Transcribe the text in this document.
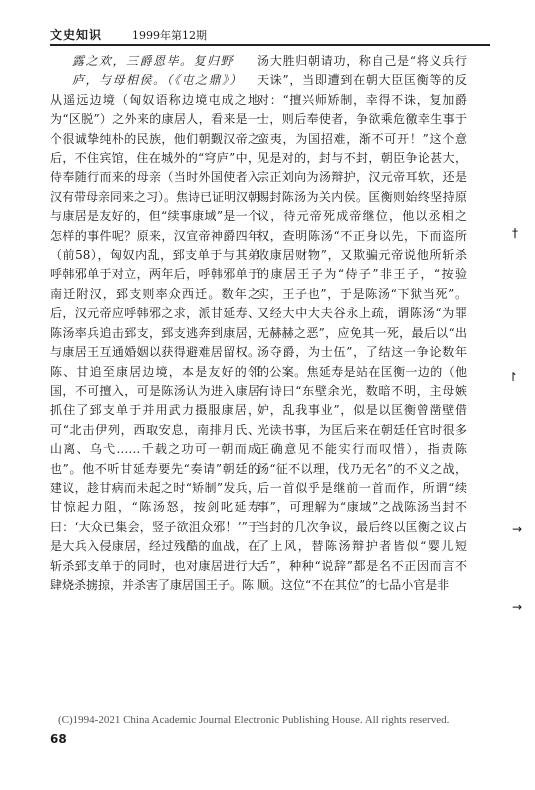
文史知识	1999年第12期

露之欢，三爵恩毕。复归野

庐，与母相侯。（《屯之鼎》）

从遥远边境（匈奴语称边境屯成之地为“区脱”）之外来的康居人，看来是一个很诚挚纯朴的民族，他们朝觐汉帝之后，不住宾馆，住在城外的“穹庐”中，侍奉随行而来的母亲（当时外国使者入汉有带母亲同来之习）。焦诗已证明汉朝与康居是友好的，但“续事康域”是一个怎样的事件呢？原来，汉宣帝神爵四年（前58），匈奴内乱，郅支单于与其弟呼韩邪单于对立，两年后，呼韩邪单于南迁附汉，郅支则率众西迁。数年之后，汉元帝应呼韩邪之求，派甘延寿、陈汤率兵追击郅支，郅支逃奔到康居，与康居王互通婚姻以获得避难居留权。陈、甘追至康居边境，本是友好的邻国，不可擅入，可是陈汤认为进入康居抓住了郅支单于并用武力摄服康居，可“北击伊列，西取安息，南排月氏、山离、乌弋……千载之功可一朝而成也”。他不听甘延寿要先“奏请”朝廷的建议，趁甘病而未起之时“矫制”发兵，甘惊起力阻，“陈汤怒，按剑叱延寿曰：‘大众已集会，竖子欲沮众邪！’”于是大兵入侵康居，经过残酷的血战，在斩杀郅支单于的同时，也对康居进行大肆烧杀掳掠，并杀害了康居国王子。陈

汤大胜归朝请功，称自己是“将义兵行天诛”，当即遭到在朝大臣匡衡等的反对：“擅兴师矫制，幸得不诛，复加爵士，则后奉使者，争欲乘危徼幸生事于蛮夷，为国招难，渐不可开！”这个意见是对的，封与不封，朝臣争论甚大，宗正刘向为汤辩护，汉元帝耳软，还是赐封陈汤为关内侯。匡衡则始终坚持原议，待元帝死成帝继位，他以丞相之权，查明陈汤“不正身以先，下而盗所收康居财物”，又欺骗元帝说他所斩杀的康居王子为“侍子”非王子，“按验实，王子也”，于是陈汤“下狱当死”。又经大中大夫谷永上疏，谓陈汤“为罪无赫赫之恶”，应免其一死，最后以“出汤夺爵，为士伍”，了结这一争论数年的公案。焦延寿是站在匡衡一边的（他有诗曰“东壁余光，数暗不明，主母嫉妒，乱我事业”，似是以匡衡曾凿壁借光读书事，为匡后来在朝廷任官时很多正确意见不能实行而叹惜），指责陈汤“征不以理，伐乃无名”的不义之战，后一首似乎是继前一首而作，所谓“续事”，可理解为“康域”之战陈汤当封不当封的几次争议，最后终以匡衡之议占了上风，替陈汤辩护者皆似“婴儿短舌”，种种“说辞”都是名不正因而言不顺。这位“不在其位”的七品小官是非

†
↾
→
→
(C)1994-2021 China Academic Journal Electronic Publishing House. All rights reserved.
68
